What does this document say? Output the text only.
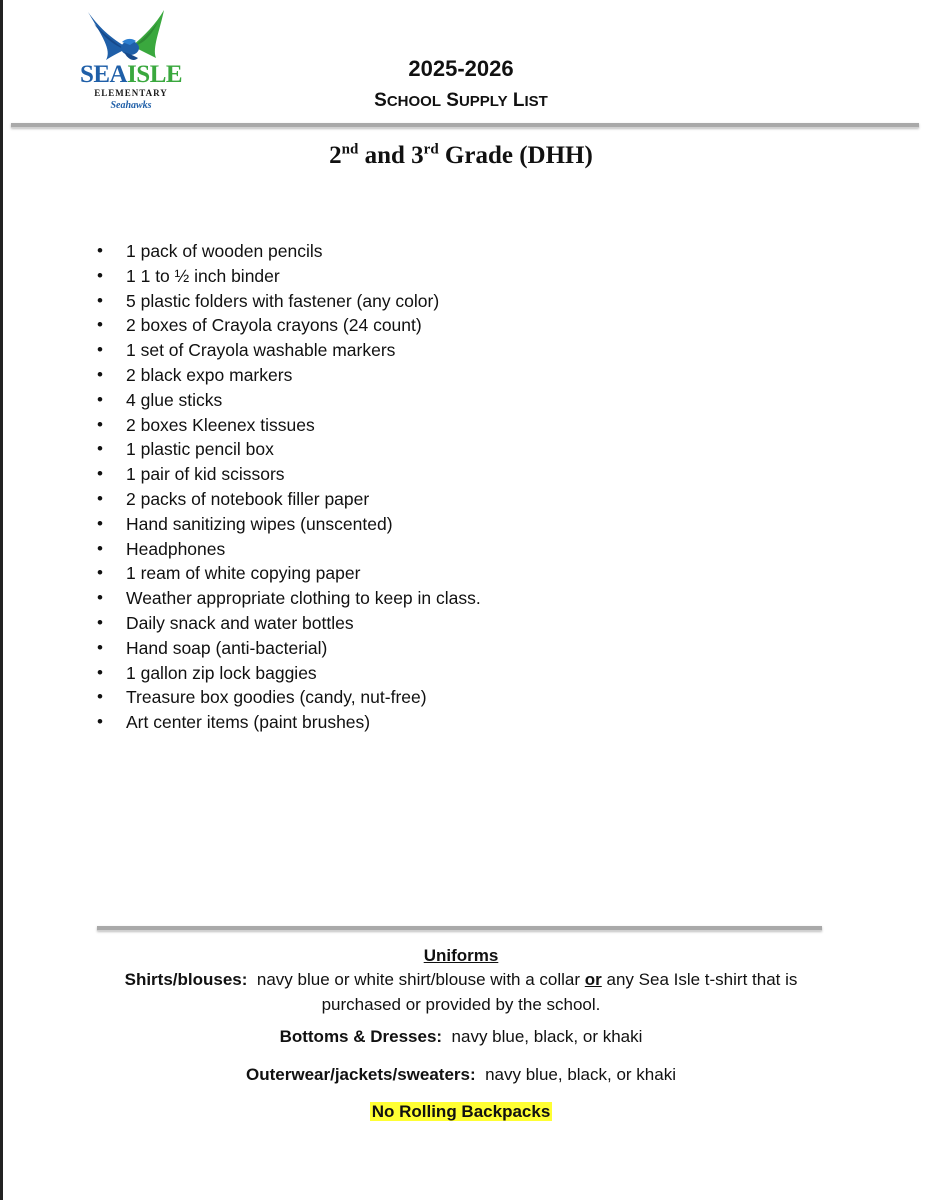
SEAISLE
ELEMENTARY
Seahawks
2025-2026
SCHOOL SUPPLY LIST
2nd and 3rd Grade (DHH)
• 1 pack of wooden pencils
• 1 1 to ½ inch binder
• 5 plastic folders with fastener (any color)
• 2 boxes of Crayola crayons (24 count)
• 1 set of Crayola washable markers
• 2 black expo markers
• 4 glue sticks
• 2 boxes Kleenex tissues
• 1 plastic pencil box
• 1 pair of kid scissors
• 2 packs of notebook filler paper
• Hand sanitizing wipes (unscented)
• Headphones
• 1 ream of white copying paper
• Weather appropriate clothing to keep in class.
• Daily snack and water bottles
• Hand soap (anti-bacterial)
• 1 gallon zip lock baggies
• Treasure box goodies (candy, nut-free)
• Art center items (paint brushes)
Uniforms
Shirts/blouses: navy blue or white shirt/blouse with a collar or any Sea Isle t-shirt that is
purchased or provided by the school.
Bottoms & Dresses: navy blue, black, or khaki
Outerwear/jackets/sweaters: navy blue, black, or khaki
No Rolling Backpacks
